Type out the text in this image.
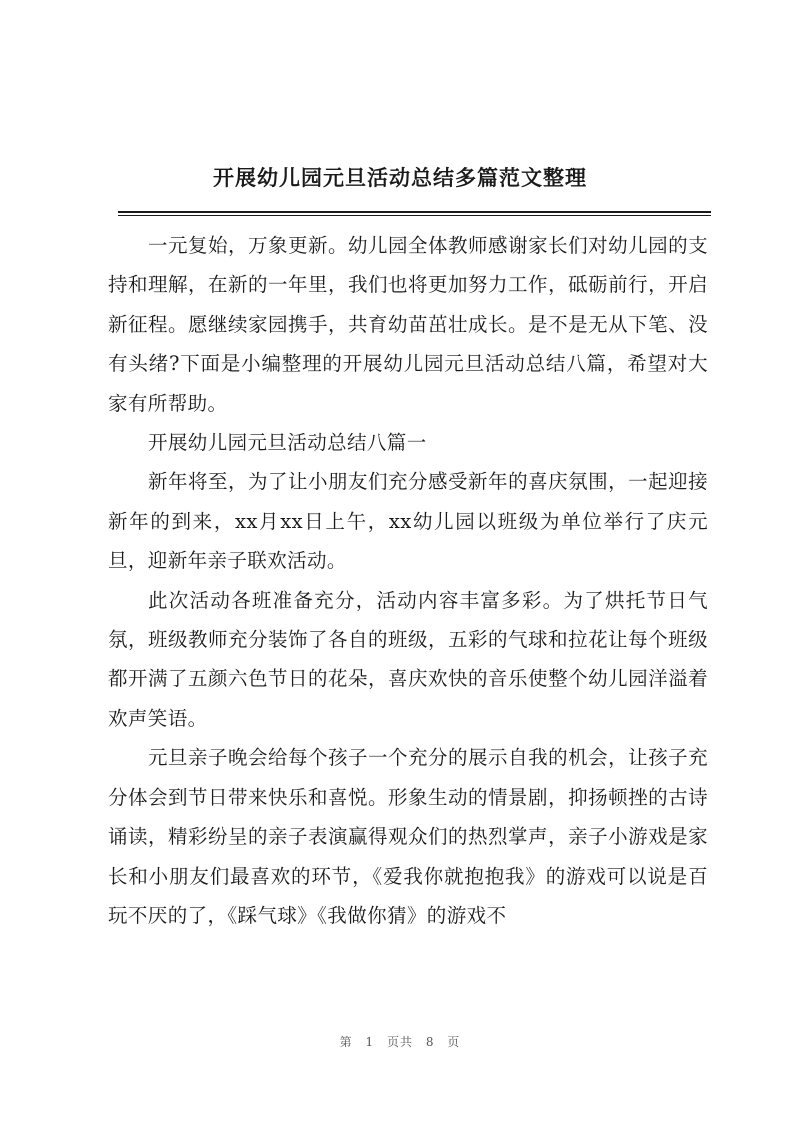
开展幼儿园元旦活动总结多篇范文整理

一元复始，万象更新。幼儿园全体教师感谢家长们对幼儿园的支持和理解，在新的一年里，我们也将更加努力工作，砥砺前行，开启新征程。愿继续家园携手，共育幼苗茁壮成长。是不是无从下笔、没有头绪?下面是小编整理的开展幼儿园元旦活动总结八篇，希望对大家有所帮助。

开展幼儿园元旦活动总结八篇一

新年将至，为了让小朋友们充分感受新年的喜庆氛围，一起迎接新年的到来，xx月xx日上午，xx幼儿园以班级为单位举行了庆元旦，迎新年亲子联欢活动。

此次活动各班准备充分，活动内容丰富多彩。为了烘托节日气氛，班级教师充分装饰了各自的班级，五彩的气球和拉花让每个班级都开满了五颜六色节日的花朵，喜庆欢快的音乐使整个幼儿园洋溢着欢声笑语。

元旦亲子晚会给每个孩子一个充分的展示自我的机会，让孩子充分体会到节日带来快乐和喜悦。形象生动的情景剧，抑扬顿挫的古诗诵读，精彩纷呈的亲子表演赢得观众们的热烈掌声，亲子小游戏是家长和小朋友们最喜欢的环节，《爱我你就抱抱我》的游戏可以说是百玩不厌的了，《踩气球》《我做你猜》的游戏不

第 1 页共 8 页
